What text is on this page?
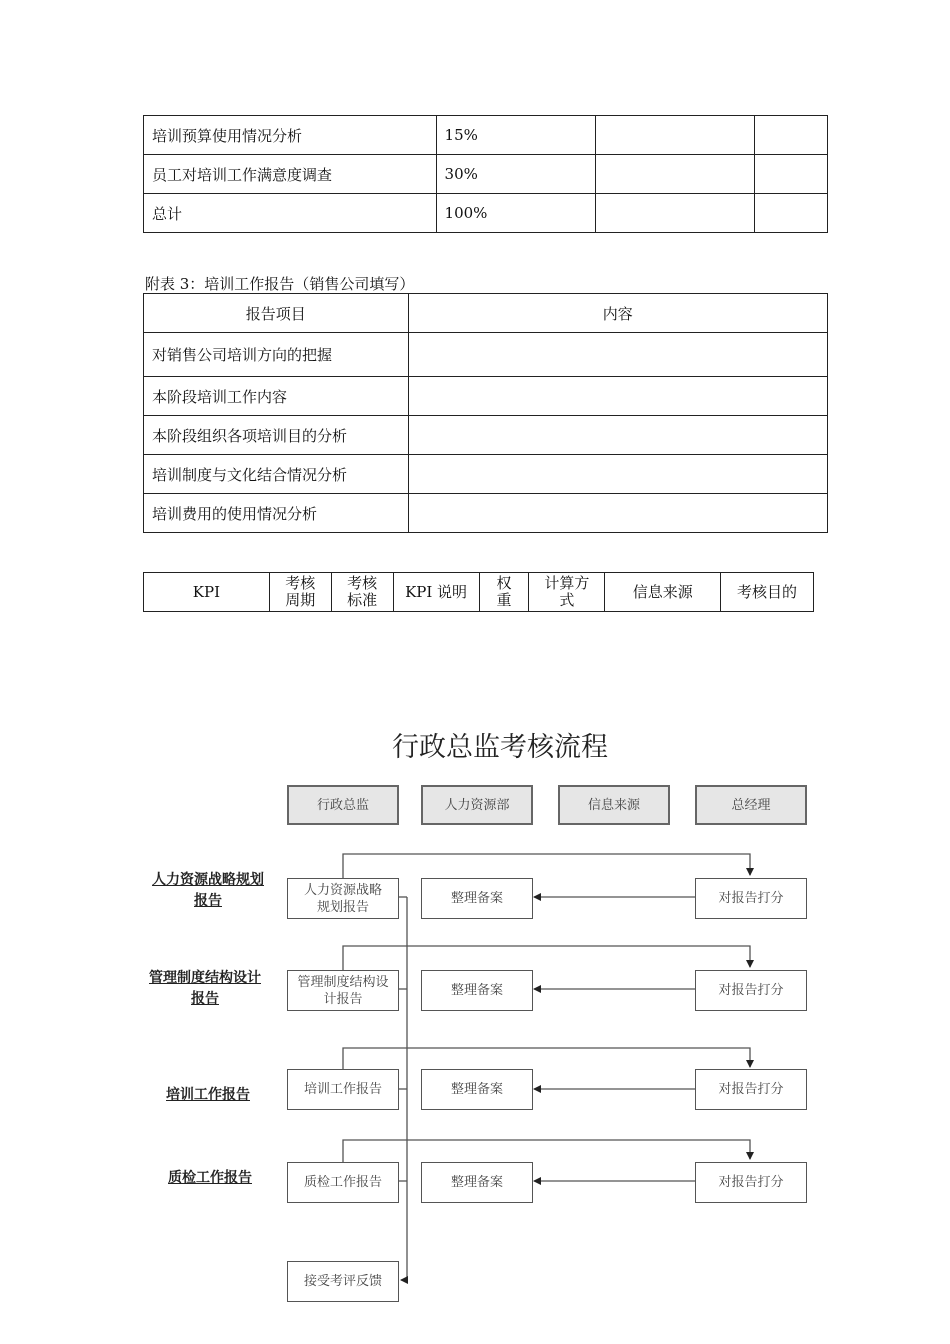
培训预算使用情况分析	15%		
员工对培训工作满意度调查	30%		
总计	100%		
附表 3：培训工作报告（销售公司填写）
报告项目	内容
对销售公司培训方向的把握	
本阶段培训工作内容	
本阶段组织各项培训目的分析	
培训制度与文化结合情况分析	
培训费用的使用情况分析	
KPI	考核周期	考核标准	KPI 说明	权重	计算方式	信息来源	考核目的
行政总监考核流程
行政总监	人力资源部	信息来源	总经理
人力资源战略规划报告
人力资源战略规划报告
整理备案	对报告打分
管理制度结构设计报告
管理制度结构设计报告
整理备案	对报告打分
培训工作报告	培训工作报告	整理备案	对报告打分
质检工作报告	质检工作报告	整理备案	对报告打分
接受考评反馈
